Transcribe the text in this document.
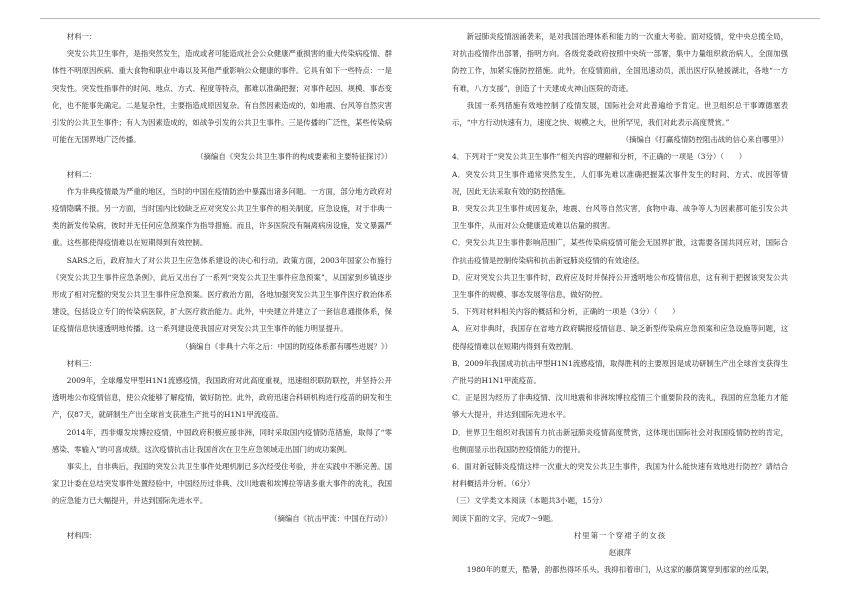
材料一：

突发公共卫生事件，是指突然发生，造成或者可能造成社会公众健康严重损害的重大传染病疫情、群体性不明原因疾病、重大食物和职业中毒以及其他严重影响公众健康的事件。它具有如下一些特点：一是突发性。突发性指事件的时间、地点、方式、程度等特点，都难以准确把握；对事件起因、规模、事态变化，也不能事先确定。二是复杂性，主要指造成原因复杂。有自然因素造成的，如地震、台风等自然灾害引发的公共卫生事件；有人为因素造成的，如战争引发的公共卫生事件。三是传播的广泛性，某些传染病可能在无国界地广泛传播。

（摘编自《突发公共卫生事件的构成要素和主要特征探讨》）

材料二：

作为非典疫情最为严重的地区，当时的中国在疫情防治中暴露出诸多问题。一方面，部分地方政府对疫情隐瞒不报。另一方面，当时国内比较缺乏应对突发公共卫生事件的相关制度。应急设施，对于非典一类的新发传染病，彼时并无任何应急预案作为指导措施。而且，许多医院没有隔离病房设施，发文暴露严重。这些都使得疫情难以在短期得到有效控制。

SARS之后，政府加大了对公共卫生应急体系建设的决心和行动。政策方面，2003年国家公布施行《突发公共卫生事件应急条例》，此后又出台了一系列“突发公共卫生事件应急预案”，从国家到乡镇逐步形成了相对完整的突发公共卫生事件应急预案。医疗救治方面，各地加强突发公共卫生事件医疗救治体系建设，包括设立专门的传染病医院，扩大医疗救治能力。此外，中央建立并建立了一套信息通报体系，保证疫情信息快速透明地传播。这一系列建设使我国应对突发公共卫生事件的能力明显提升。

（摘编自《非典十六年之后：中国的防疫体系都有哪些进展？》）

材料三：

2009年，全球爆发甲型H1N1流感疫情，我国政府对此高度重视，迅速组织联防联控，并坚持公开透明地公布疫情信息，使公众能够了解疫情，做好防控。此外，政府迅速合科研机构进行疫苗的研发和生产，仅87天，就研制生产出全球首支获准生产批号的H1N1甲流疫苗。

2014年，西非爆发埃博拉疫情，中国政府积极应援非洲，同时采取国内疫情防范措施，取得了“零感染、零输入”的可喜成绩。这次疫情抗击让我国首次在卫生应急领域走出国门的成功案例。

事实上，自非典后，我国的突发公共卫生事件处理机制已多次经受住考验，并在实践中不断完善。国家卫计委在总结突发事件处置经验中，中国经历过非典、汶川地震和埃博拉等诸多重大事件的洗礼，我国的应急能力已大幅提升，并达到国际先进水平。

（摘编自《抗击甲流：中国在行动》）

材料四：

新冠肺炎疫情汹涌袭来，是对我国治理体系和能力的一次重大考验。面对疫情，党中央总揽全局，对抗击疫情作出部署，指明方向。各级党委政府按照中央统一部署，集中力量组织救治病人，全面加强防控工作，加紧实施防控措施。此外，在疫情面前，全国迅速动员，派出医疗队驰援湖北，各地“一方有难，八方支援”，创造了十天建成火神山医院的奇迹。

我国一系列措施有效地控制了疫情发展，国际社会对此普遍给予肯定。世卫组织总干事谭德塞表示，“中方行动快速有力，速度之快、规模之大，世所罕见，我们对此表示高度赞赏。”

（摘编自《打赢疫情防控阻击战的信心来自哪里》）

4．下列对于“突发公共卫生事件”相关内容的理解和分析，不正确的一项是（3分）（　　）

A．突发公共卫生事件通常突然发生，人们事先难以准确把握某次事件发生的时间、方式、成因等情况，因此无法采取有效的防控措施。

B．突发公共卫生事件成因复杂，地震、台风等自然灾害，食物中毒、战争等人为因素都可能引发公共卫生事件，从而对公众健康造成难以估量的损害。

C．突发公共卫生事件影响范围广，某些传染病疫情可能会无国界扩散，这需要各国共同应对，国际合作抗击疫情是控制传染病和抗击新冠肺炎疫情的有效途径。

D．应对突发公共卫生事件时，政府应及时并保持公开透明地公布疫情信息，这有利于把握该突发公共卫生事件的规模、事态发展等信息，做好防控。

5．下列对材料相关内容的概括和分析，正确的一项是（3分）（　　）

A．应对非典时，我国存在省地方政府瞒报疫情信息、缺乏新型传染病应急预案和应急设施等问题，这使得疫情难以在短期内得到有效控制。

B．2009年我国成功抗击甲型H1N1流感疫情，取得胜利的主要原因是成功研制生产出全球首支获得生产批号的H1N1甲流疫苗。

C．正是因为经历了非典疫情、汶川地震和非洲埃博拉疫情三个重要阶段的洗礼，我国的应急能力才能够大大提升，并达到国际先进水平。

D．世界卫生组织对我国有力抗击新冠肺炎疫情高度赞赏，这体现出国际社会对我国疫情防控的肯定，也侧面显示出我国防控疫情能力的提升。

6．面对新冠肺炎疫情这样一次重大的突发公共卫生事件，我国为什么能快速有效地进行防控？请结合材料概括并分析。（6分）

（三）文学类文本阅读（本题共3小题，15分）

阅读下面的文字，完成7～9题。

村里第一个穿裙子的女孩

赵淑萍

1980年的夏天，酷暑，韵都热得坏乐头。我抑扣着串门，从这家的藤荫篱穿到那家的丝瓜架，
